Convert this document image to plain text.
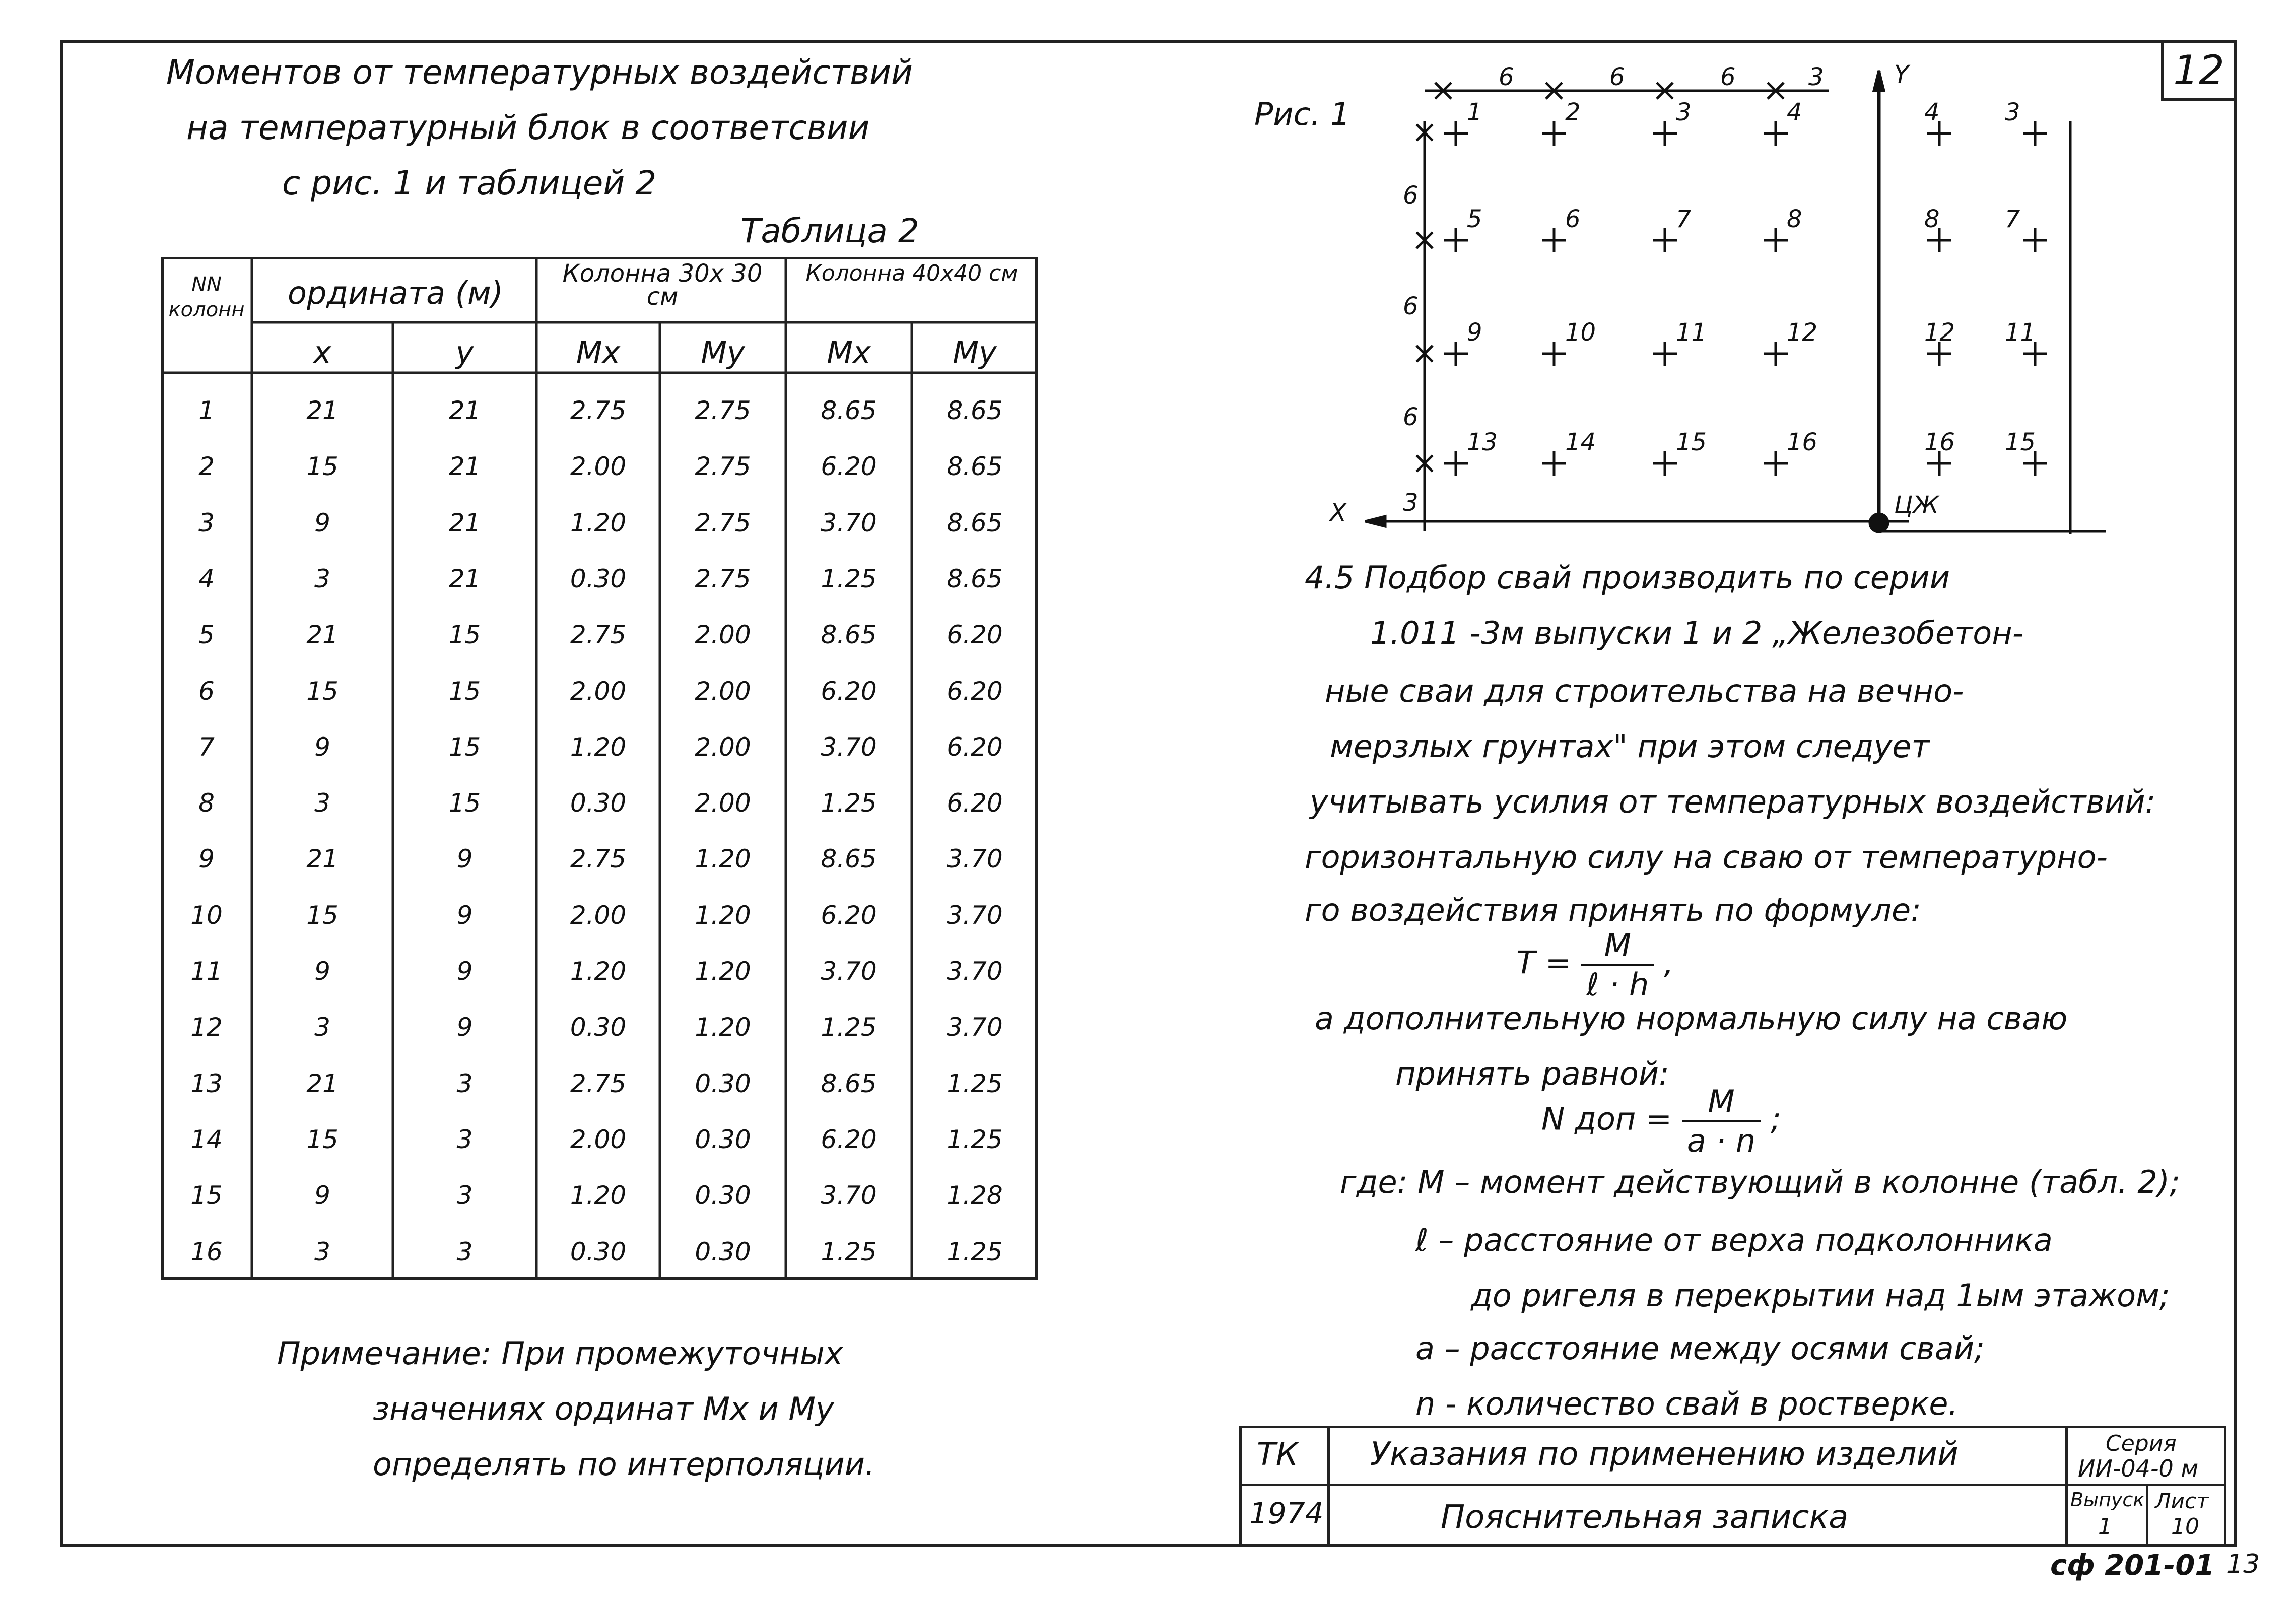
12
Моментов от температурных воздействий
на температурный блок в соответсвии
с рис. 1 и таблицей 2
Таблица 2
NN колонн	ордината (м)
Колонна 30х 30 см
Колонна 40х40 см
x	y	Мх	Му	Мх	Му
1	21	21	2.75	2.75	8.65	8.65
2	15	21	2.00	2.75	6.20	8.65
3	9	21	1.20	2.75	3.70	8.65
4	3	21	0.30	2.75	1.25	8.65
5	21	15	2.75	2.00	8.65	6.20
6	15	15	2.00	2.00	6.20	6.20
7	9	15	1.20	2.00	3.70	6.20
8	3	15	0.30	2.00	1.25	6.20
9	21	9	2.75	1.20	8.65	3.70
10	15	9	2.00	1.20	6.20	3.70
11	9	9	1.20	1.20	3.70	3.70
12	3	9	0.30	1.20	1.25	3.70
13	21	3	2.75	0.30	8.65	1.25
14	15	3	2.00	0.30	6.20	1.25
15	9	3	1.20	0.30	3.70	1.28
16	3	3	0.30	0.30	1.25	1.25
Примечание: При промежуточных
значениях ординат Мх и Му
определять по интерполяции.
Рис. 1	1	2	3	4
5	6	7	8
9	10	11	12
13	14	15	16
4	3
8	7
12 11
16 15
6	6	6	3
6
6
6
3
X
Y
ЦЖ
4.5 Подбор свай производить по серии
1.011 -3м выпуски 1 и 2 „Железобетон-
ные сваи для строительства на вечно-
мерзлых грунтах" при этом следует
учитывать усилия от температурных воздействий:
горизонтальную силу на сваю от температурно-
го воздействия принять по формуле:
$T = \frac{М}{\text{ℓ · h}}$ ,
а дополнительную нормальную силу на сваю
принять равной:
N доп = $\frac{М}{a \cdot n}$ ;
где: М – момент действующий в колонне (табл. 2);
ℓ – расстояние от верха подколонника
до ригеля в перекрытии над 1ым этажом;
a – расстояние между осями свай;
n - количество свай в ростверке.
ТК
1974
Указания по применению изделий
Пояснительная записка
Серия
ИИ-04-0 м
Выпуск
1
Лист
10
сф 201-01 13
